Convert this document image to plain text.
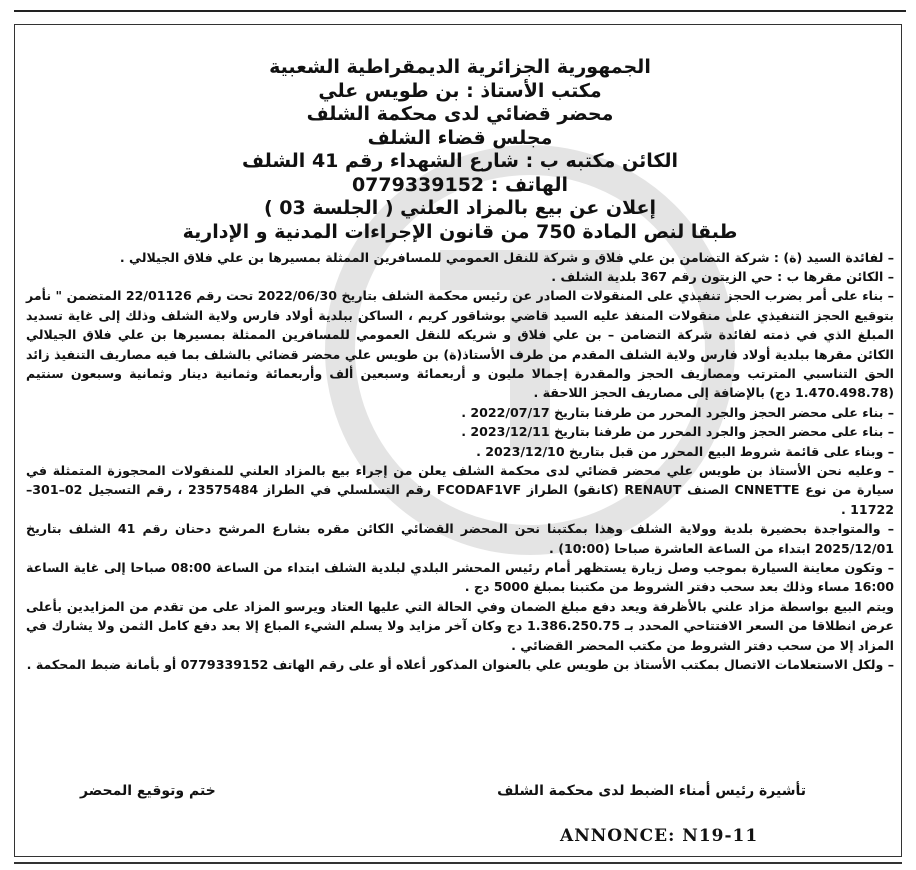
الجمهورية الجزائرية الديمقراطية الشعبية

مكتب الأستاذ : بن طويس علي

محضر قضائي لدى محكمة الشلف

مجلس قضاء الشلف

الكائن مكتبه ب : شارع الشهداء رقم 41 الشلف

الهاتف : 0779339152

إعلان عن بيع بالمزاد العلني ( الجلسة 03 )

طبقا لنص المادة 750 من قانون الإجراءات المدنية و الإدارية

– لفائدة السيد (ة) : شركة التضامن بن علي فلاق و شركة للنقل العمومي للمسافرين الممثلة بمسيرها بن علي فلاق الجيلالي .

– الكائن مقرها ب : حي الزيتون رقم 367 بلدية الشلف .

– بناء على أمر بضرب الحجز تنفيذي على المنقولات الصادر عن رئيس محكمة الشلف بتاريخ 2022/06/30 تحت رقم 22/01126 المتضمن " نأمر بتوقيع الحجز التنفيذي على منقولات المنفذ عليه السيد قاضي بوشاقور كريم ، الساكن ببلدية أولاد فارس ولاية الشلف وذلك إلى غاية تسديد المبلغ الذي في ذمته لفائدة شركة التضامن – بن علي فلاق و شريكه للنقل العمومي للمسافرين الممثلة بمسيرها بن علي فلاق الجيلالي الكائن مقرها ببلدية أولاد فارس ولاية الشلف المقدم من طرف الأستاذ(ة) بن طويس علي محضر قضائي بالشلف بما فيه مصاريف التنفيذ زائد الحق التناسبي المترتب ومصاريف الحجز والمقدرة إجمالا مليون و أربعمائة وسبعين ألف وأربعمائة وثمانية دينار وثمانية وسبعون سنتيم (1.470.498.78 دج) بالإضافة إلى مصاريف الحجز اللاحقة .

– بناء على محضر الحجز والجرد المحرر من طرفنا بتاريخ 2022/07/17 .

– بناء على محضر الحجز والجرد المحرر من طرفنا بتاريخ 2023/12/11 .

– وبناء على قائمة شروط البيع المحرر من قبل بتاريخ 2023/12/10 .

– وعليه نحن الأستاذ بن طويس علي محضر قضائي لدى محكمة الشلف يعلن من إجراء بيع بالمزاد العلني للمنقولات المحجوزة المتمثلة في سيارة من نوع CNNETTE الصنف RENAUT (كانقو) الطراز FCODAF1VF رقم التسلسلي في الطراز 23575484 ، رقم التسجيل 02–301–11722 .

– والمتواجدة بحضيرة بلدية وولاية الشلف وهذا بمكتبنا نحن المحضر القضائي الكائن مقره بشارع المرشح دحنان رقم 41 الشلف بتاريخ 2025/12/01 ابتداء من الساعة العاشرة صباحا (10:00) .

– وتكون معاينة السيارة بموجب وصل زيارة يستظهر أمام رئيس المحشر البلدي لبلدية الشلف ابتداء من الساعة 08:00 صباحا إلى غاية الساعة 16:00 مساء وذلك بعد سحب دفتر الشروط من مكتبنا بمبلغ 5000 دج .

ويتم البيع بواسطة مزاد علني بالأظرفة ويعد دفع مبلغ الضمان وفي الحالة التي عليها العتاد ويرسو المزاد على من تقدم من المزايدين بأعلى عرض انطلاقا من السعر الافتتاحي المحدد بـ 1.386.250.75 دج وكان آخر مزايد ولا يسلم الشيء المباع إلا بعد دفع كامل الثمن ولا يشارك في المزاد إلا من سحب دفتر الشروط من مكتب المحضر القضائي .

– ولكل الاستعلامات الاتصال بمكتب الأستاذ بن طويس علي بالعنوان المذكور أعلاه أو على رقم الهاتف 0779339152 أو بأمانة ضبط المحكمة .

تأشيرة رئيس أمناء الضبط لدى محكمة الشلف
ختم وتوقيع المحضر
ANNONCE: N19-11
